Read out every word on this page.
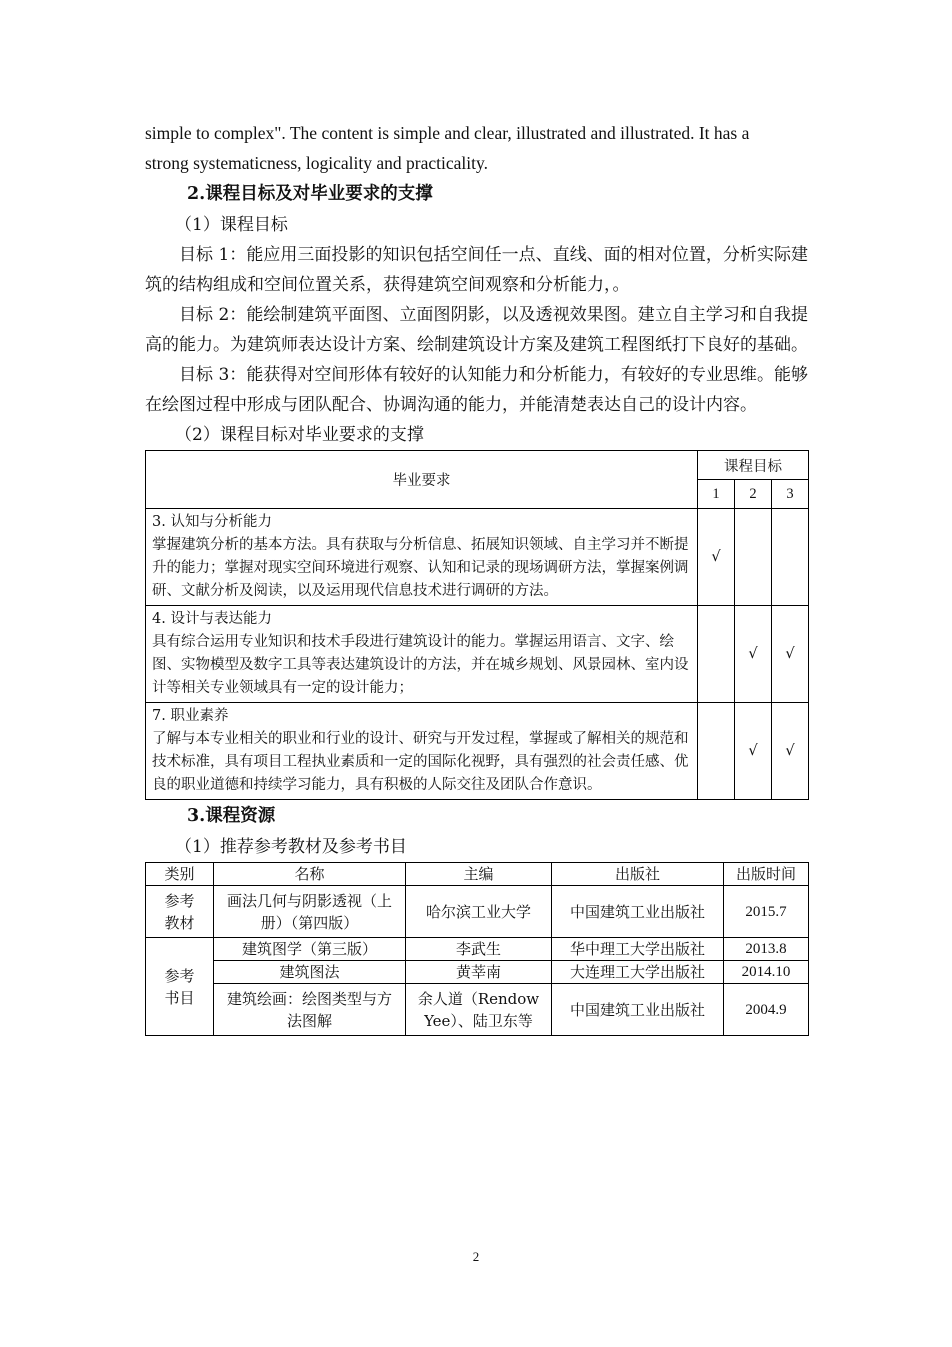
simple to complex". The content is simple and clear, illustrated and illustrated. It has a

strong systematicness, logicality and practicality.

2.课程目标及对毕业要求的支撑

（1）课程目标

目标 1：能应用三面投影的知识包括空间任一点、直线、面的相对位置，分析实际建筑的结构组成和空间位置关系，获得建筑空间观察和分析能力，。

目标 2：能绘制建筑平面图、立面图阴影，以及透视效果图。建立自主学习和自我提高的能力。为建筑师表达设计方案、绘制建筑设计方案及建筑工程图纸打下良好的基础。

目标 3：能获得对空间形体有较好的认知能力和分析能力，有较好的专业思维。能够在绘图过程中形成与团队配合、协调沟通的能力，并能清楚表达自己的设计内容。

（2）课程目标对毕业要求的支撑

毕业要求	课程目标		
	1	2	3

3. 认知与分析能力
掌握建筑分析的基本方法。具有获取与分析信息、拓展知识领域、自主学习并不断提升的能力；掌握对现实空间环境进行观察、认知和记录的现场调研方法，掌握案例调研、文献分析及阅读，以及运用现代信息技术进行调研的方法。	√		

4. 设计与表达能力
具有综合运用专业知识和技术手段进行建筑设计的能力。掌握运用语言、文字、绘图、实物模型及数字工具等表达建筑设计的方法，并在城乡规划、风景园林、室内设计等相关专业领域具有一定的设计能力；		√	√

7. 职业素养
了解与本专业相关的职业和行业的设计、研究与开发过程，掌握或了解相关的规范和技术标准，具有项目工程执业素质和一定的国际化视野，具有强烈的社会责任感、优良的职业道德和持续学习能力，具有积极的人际交往及团队合作意识。		√	√

3.课程资源

（1）推荐参考教材及参考书目

类别	名称	主编	出版社	出版时间
参考教材	画法几何与阴影透视（上册）（第四版）	哈尔滨工业大学	中国建筑工业出版社	2015.7
参考书目	建筑图学（第三版）	李武生	华中理工大学出版社	2013.8
	建筑图法	黄莘南	大连理工大学出版社	2014.10
	建筑绘画：绘图类型与方法图解	余人道（Rendow Yee）、陆卫东等	中国建筑工业出版社	2004.9
2
